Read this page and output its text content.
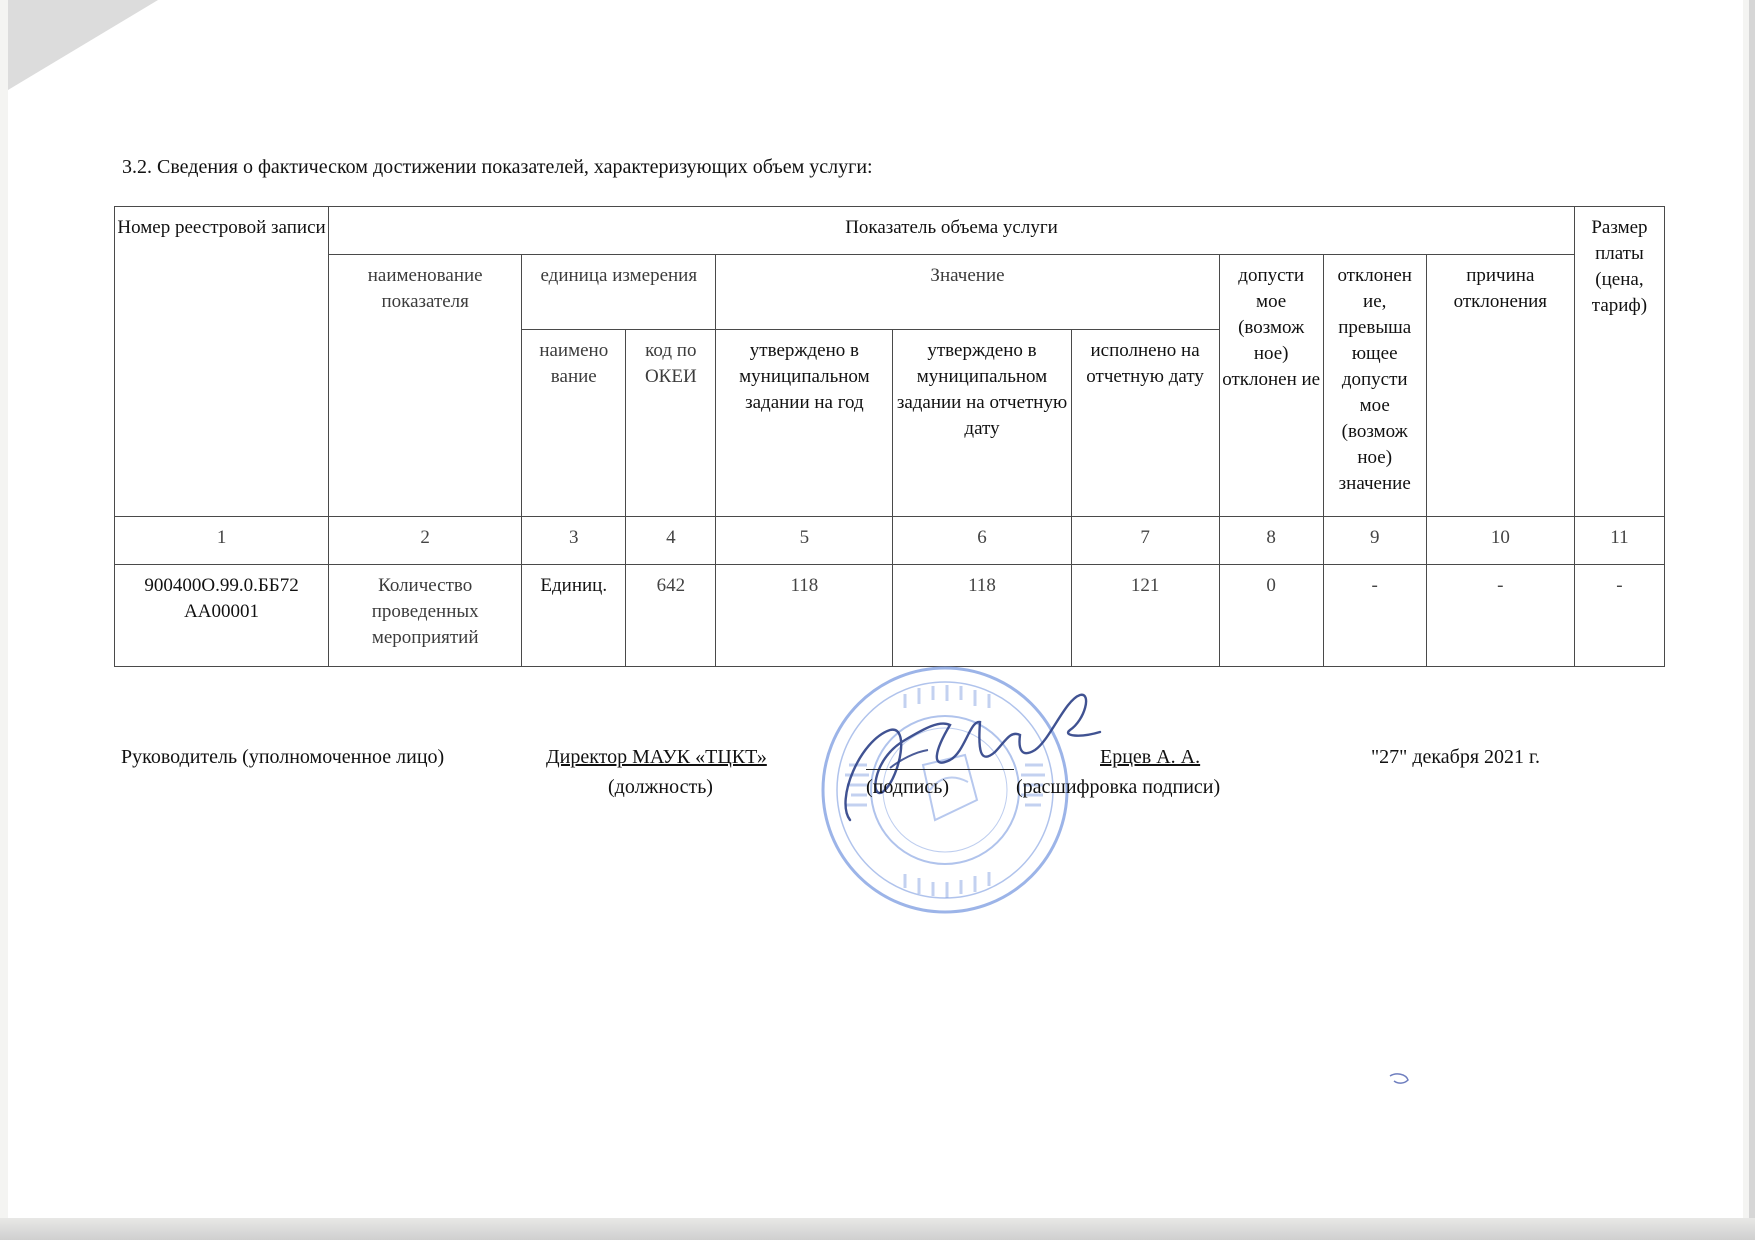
3.2. Сведения о фактическом достижении показателей, характеризующих объем услуги:
Номер реестровой записи	Показатель объема услуги									Размер платы (цена, тариф)
	наименование показателя	единица измерения		Значение			допусти мое (возмож ное) отклонен ие	отклонен ие, превыша ющее допусти мое (возмож ное) значение	причина отклонения	
		наимено вание	код по ОКЕИ	утверждено в муниципальном задании на год	утверждено в муниципальном задании на отчетную дату	исполнено на отчетную дату				
1	2	3	4	5	6	7	8	9	10	11
900400О.99.0.ББ72 АА00001	Количество проведенных мероприятий	Единиц.	642	118	118	121	0	-	-	-
Руководитель (уполномоченное лицо)	Директор МАУК «ТЦКТ»	Ерцев А. А.	"27" декабря 2021 г.
(должность)	(подпись)	(расшифровка подписи)
